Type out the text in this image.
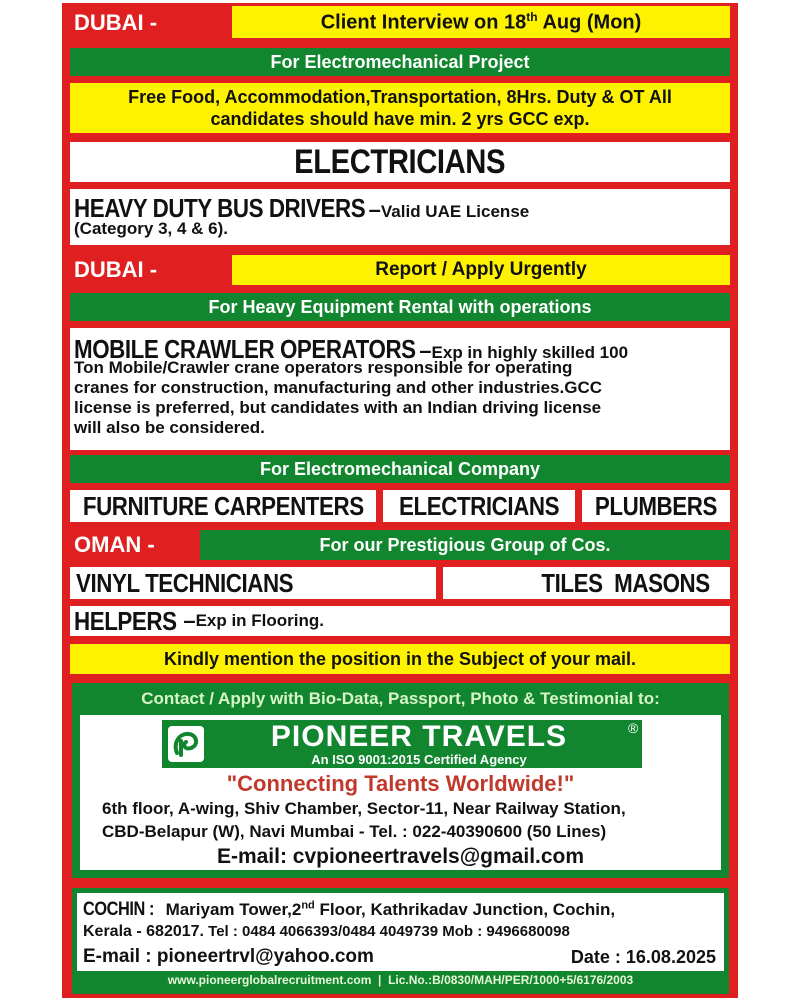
DUBAI -	Client Interview on 18th Aug (Mon)
For Electromechanical Project
Free Food, Accommodation,Transportation, 8Hrs. Duty & OT All
candidates should have min. 2 yrs GCC exp.
ELECTRICIANS
HEAVY DUTY BUS DRIVERS – Valid UAE License
(Category 3, 4 & 6).
DUBAI -	Report / Apply Urgently
For Heavy Equipment Rental with operations
MOBILE CRAWLER OPERATORS – Exp in highly skilled 100
Ton Mobile/Crawler crane operators responsible for operating
cranes for construction, manufacturing and other industries.GCC
license is preferred, but candidates with an Indian driving license
will also be considered.
For Electromechanical Company
FURNITURE CARPENTERS ELECTRICIANS PLUMBERS
OMAN -	For our Prestigious Group of Cos.
VINYL TECHNICIANS	TILES  MASONS
HELPERS – Exp in Flooring.
Kindly mention the position in the Subject of your mail.
Contact / Apply with Bio-Data, Passport, Photo & Testimonial to:
PIONEER TRAVELS	®
An ISO 9001:2015 Certified Agency
"Connecting Talents Worldwide!"
6th floor, A-wing, Shiv Chamber, Sector-11, Near Railway Station,
CBD-Belapur (W), Navi Mumbai - Tel. : 022-40390600 (50 Lines)
E-mail: cvpioneertravels@gmail.com
COCHIN : Mariyam Tower,2nd Floor, Kathrikadav Junction, Cochin,
Kerala - 682017. Tel : 0484 4066393/0484 4049739 Mob : 9496680098
E-mail : pioneertrvl@yahoo.com	Date : 16.08.2025
www.pioneerglobalrecruitment.com  |  Lic.No.:B/0830/MAH/PER/1000+5/6176/2003
